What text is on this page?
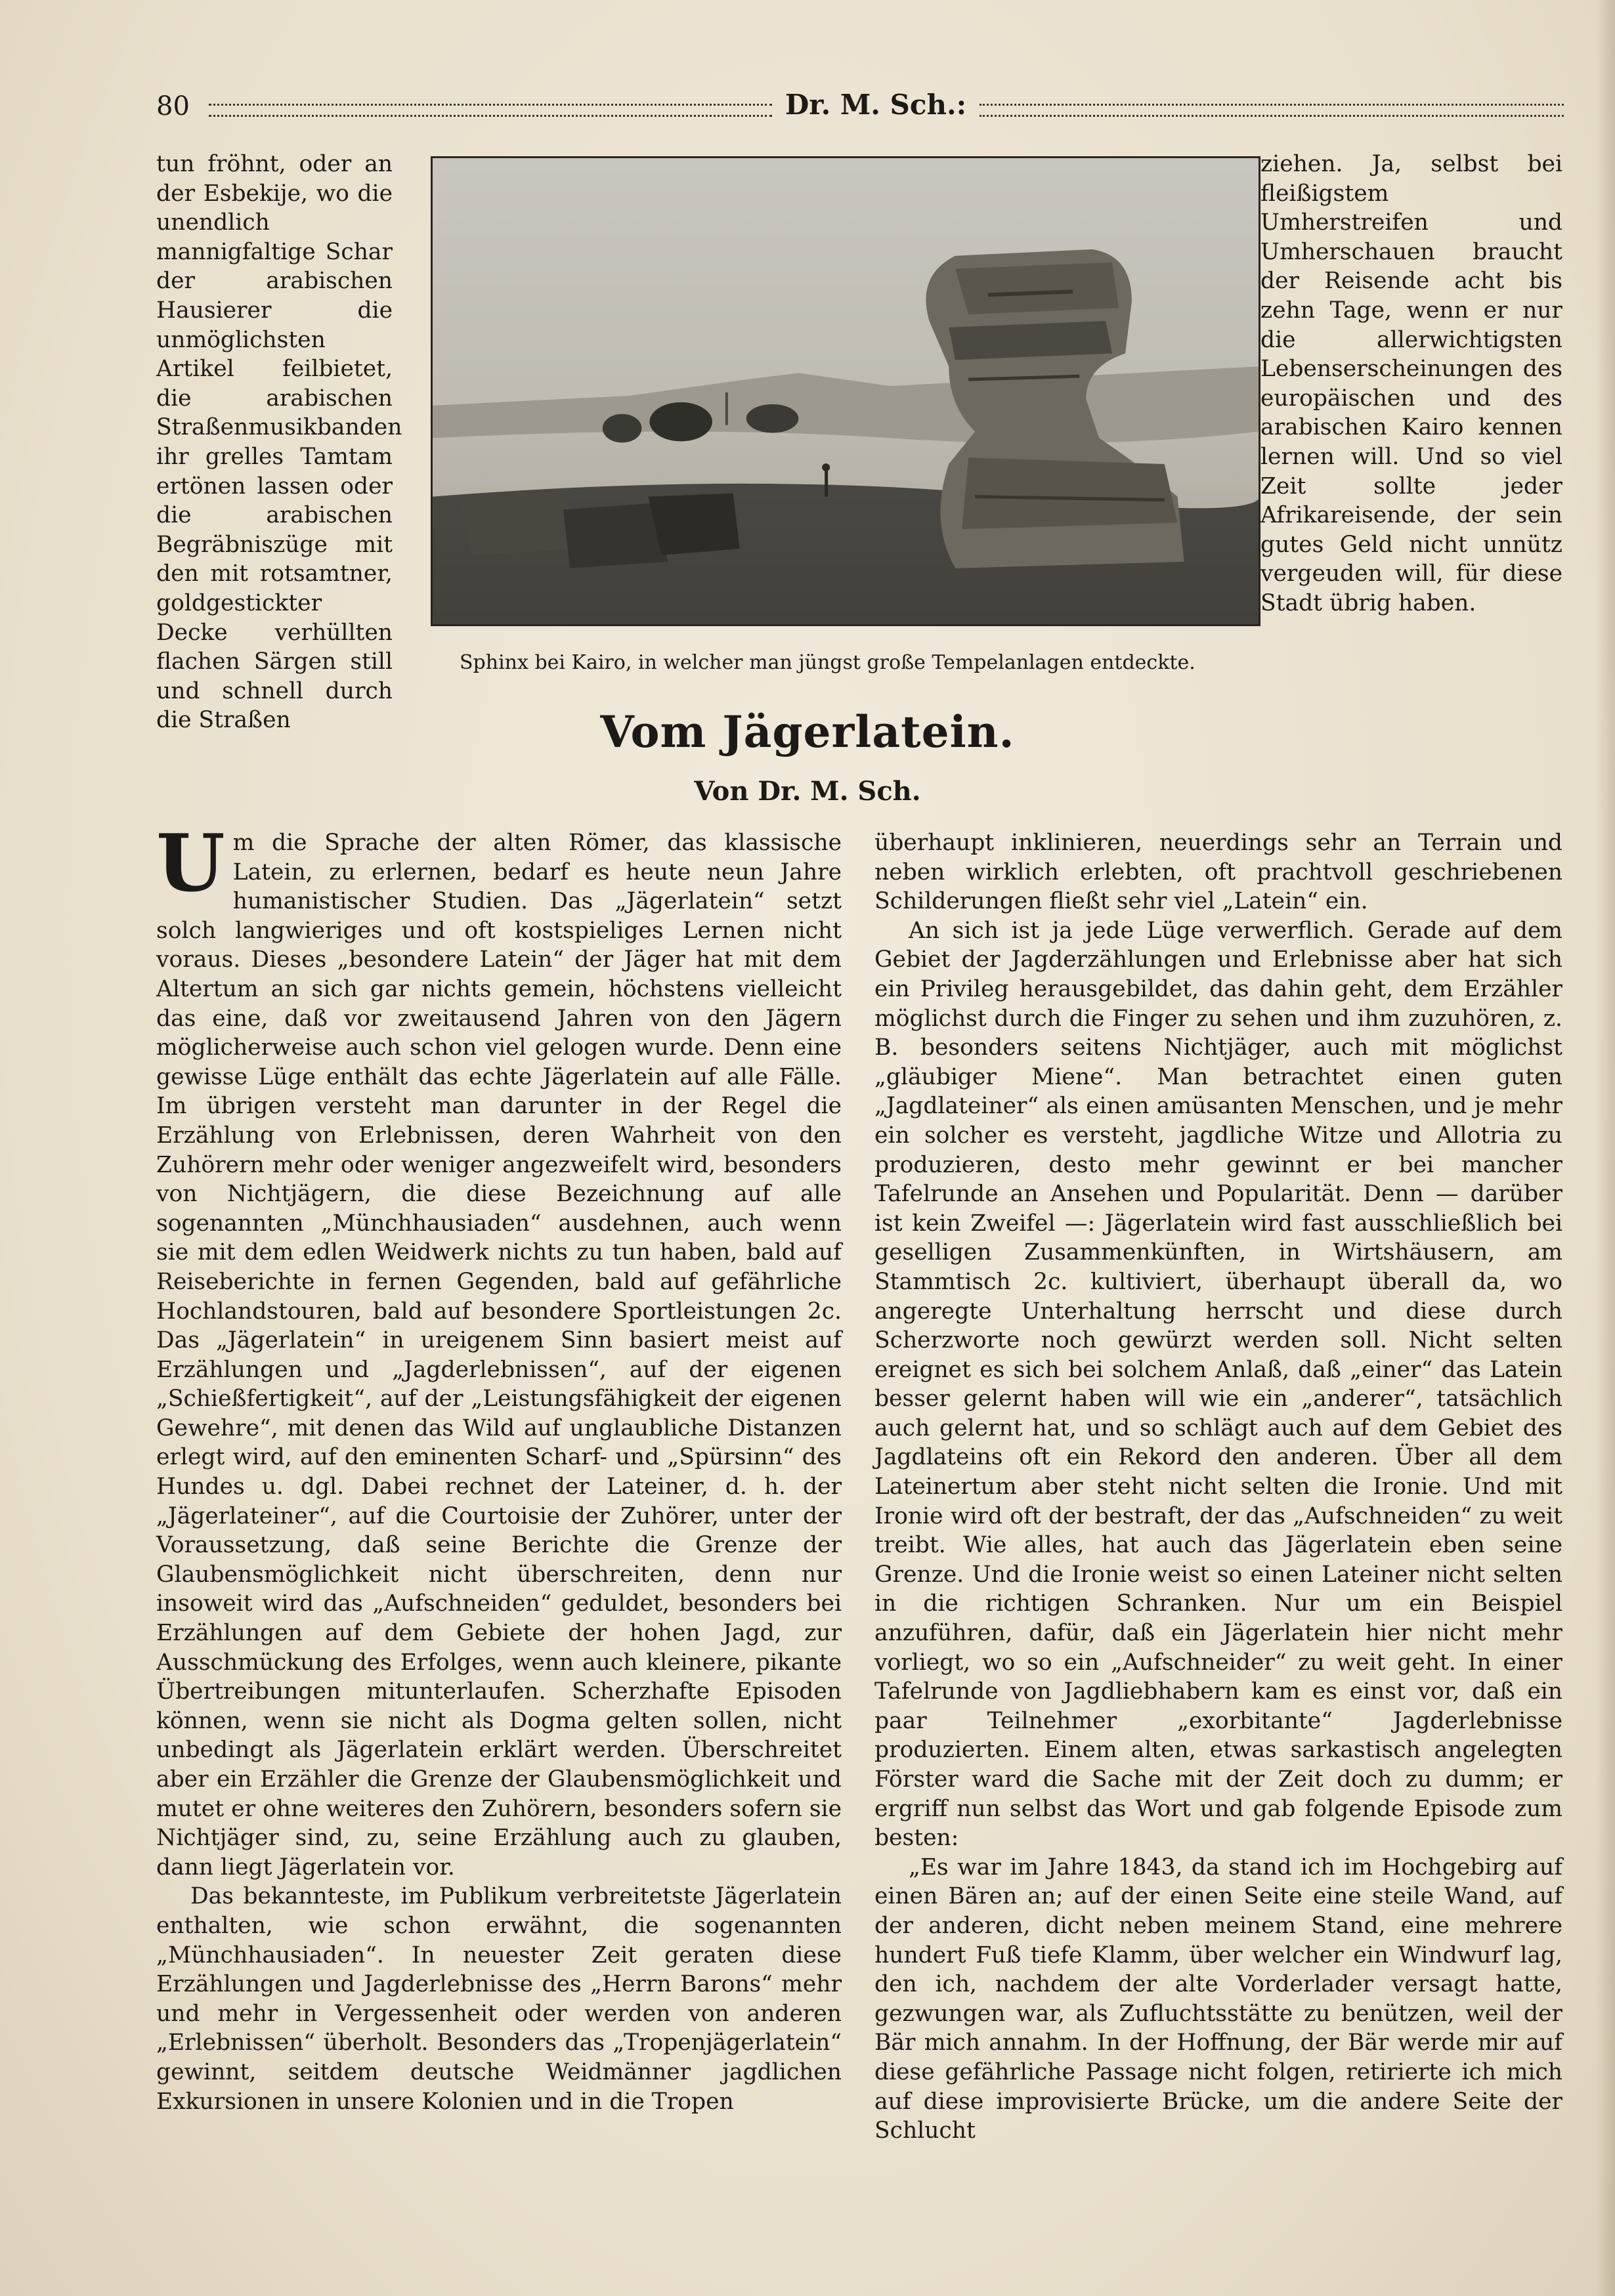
80	Dr. M. Sch.:

tun fröhnt, oder an der Esbekije, wo die unendlich mannigfaltige Schar der arabischen Hausierer die unmöglichsten Artikel feilbietet, die arabischen Straßenmusikbanden ihr grelles Tamtam ertönen lassen oder die arabischen Begräbniszüge mit den mit rotsamtner, goldgestickter Decke verhüllten flachen Särgen still und schnell durch die Straßen

ziehen. Ja, selbst bei fleißigstem Umherstreifen und Umherschauen braucht der Reisende acht bis zehn Tage, wenn er nur die allerwichtigsten Lebenserscheinungen des europäischen und des arabischen Kairo kennen lernen will. Und so viel Zeit sollte jeder Afrikareisende, der sein gutes Geld nicht unnütz vergeuden will, für diese Stadt übrig haben.

Sphinx bei Kairo, in welcher man jüngst große Tempelanlagen entdeckte.
Vom Jägerlatein.
Von Dr. M. Sch.

Um die Sprache der alten Römer, das klassische Latein, zu erlernen, bedarf es heute neun Jahre humanistischer Studien. Das „Jägerlatein“ setzt solch langwieriges und oft kostspieliges Lernen nicht voraus. Dieses „besondere Latein“ der Jäger hat mit dem Altertum an sich gar nichts gemein, höchstens vielleicht das eine, daß vor zweitausend Jahren von den Jägern möglicherweise auch schon viel gelogen wurde. Denn eine gewisse Lüge enthält das echte Jägerlatein auf alle Fälle. Im übrigen versteht man darunter in der Regel die Erzählung von Erlebnissen, deren Wahrheit von den Zuhörern mehr oder weniger angezweifelt wird, besonders von Nichtjägern, die diese Bezeichnung auf alle sogenannten „Münchhausiaden“ ausdehnen, auch wenn sie mit dem edlen Weidwerk nichts zu tun haben, bald auf Reiseberichte in fernen Gegenden, bald auf gefährliche Hochlandstouren, bald auf besondere Sportleistungen 2c. Das „Jägerlatein“ in ureigenem Sinn basiert meist auf Erzählungen und „Jagderlebnissen“, auf der eigenen „Schießfertigkeit“, auf der „Leistungsfähigkeit der eigenen Gewehre“, mit denen das Wild auf unglaubliche Distanzen erlegt wird, auf den eminenten Scharf- und „Spürsinn“ des Hundes u. dgl. Dabei rechnet der Lateiner, d. h. der „Jägerlateiner“, auf die Courtoisie der Zuhörer, unter der Voraussetzung, daß seine Berichte die Grenze der Glaubensmöglichkeit nicht überschreiten, denn nur insoweit wird das „Aufschneiden“ geduldet, besonders bei Erzählungen auf dem Gebiete der hohen Jagd, zur Ausschmückung des Erfolges, wenn auch kleinere, pikante Übertreibungen mitunterlaufen. Scherzhafte Episoden können, wenn sie nicht als Dogma gelten sollen, nicht unbedingt als Jägerlatein erklärt werden. Überschreitet aber ein Erzähler die Grenze der Glaubensmöglichkeit und mutet er ohne weiteres den Zuhörern, besonders sofern sie Nichtjäger sind, zu, seine Erzählung auch zu glauben, dann liegt Jägerlatein vor.

Das bekannteste, im Publikum verbreitetste Jägerlatein enthalten, wie schon erwähnt, die sogenannten „Münchhausiaden“. In neuester Zeit geraten diese Erzählungen und Jagderlebnisse des „Herrn Barons“ mehr und mehr in Vergessenheit oder werden von anderen „Erlebnissen“ überholt. Besonders das „Tropenjägerlatein“ gewinnt, seitdem deutsche Weidmänner jagdlichen Exkursionen in unsere Kolonien und in die Tropen

überhaupt inklinieren, neuerdings sehr an Terrain und neben wirklich erlebten, oft prachtvoll geschriebenen Schilderungen fließt sehr viel „Latein“ ein.

An sich ist ja jede Lüge verwerflich. Gerade auf dem Gebiet der Jagderzählungen und Erlebnisse aber hat sich ein Privileg herausgebildet, das dahin geht, dem Erzähler möglichst durch die Finger zu sehen und ihm zuzuhören, z. B. besonders seitens Nichtjäger, auch mit möglichst „gläubiger Miene“. Man betrachtet einen guten „Jagdlateiner“ als einen amüsanten Menschen, und je mehr ein solcher es versteht, jagdliche Witze und Allotria zu produzieren, desto mehr gewinnt er bei mancher Tafelrunde an Ansehen und Popularität. Denn — darüber ist kein Zweifel —: Jägerlatein wird fast ausschließlich bei geselligen Zusammenkünften, in Wirtshäusern, am Stammtisch 2c. kultiviert, überhaupt überall da, wo angeregte Unterhaltung herrscht und diese durch Scherzworte noch gewürzt werden soll. Nicht selten ereignet es sich bei solchem Anlaß, daß „einer“ das Latein besser gelernt haben will wie ein „anderer“, tatsächlich auch gelernt hat, und so schlägt auch auf dem Gebiet des Jagdlateins oft ein Rekord den anderen. Über all dem Lateinertum aber steht nicht selten die Ironie. Und mit Ironie wird oft der bestraft, der das „Aufschneiden“ zu weit treibt. Wie alles, hat auch das Jägerlatein eben seine Grenze. Und die Ironie weist so einen Lateiner nicht selten in die richtigen Schranken. Nur um ein Beispiel anzuführen, dafür, daß ein Jägerlatein hier nicht mehr vorliegt, wo so ein „Aufschneider“ zu weit geht. In einer Tafelrunde von Jagdliebhabern kam es einst vor, daß ein paar Teilnehmer „exorbitante“ Jagderlebnisse produzierten. Einem alten, etwas sarkastisch angelegten Förster ward die Sache mit der Zeit doch zu dumm; er ergriff nun selbst das Wort und gab folgende Episode zum besten:

„Es war im Jahre 1843, da stand ich im Hochgebirg auf einen Bären an; auf der einen Seite eine steile Wand, auf der anderen, dicht neben meinem Stand, eine mehrere hundert Fuß tiefe Klamm, über welcher ein Windwurf lag, den ich, nachdem der alte Vorderlader versagt hatte, gezwungen war, als Zufluchtsstätte zu benützen, weil der Bär mich annahm. In der Hoffnung, der Bär werde mir auf diese gefährliche Passage nicht folgen, retirierte ich mich auf diese improvisierte Brücke, um die andere Seite der Schlucht
